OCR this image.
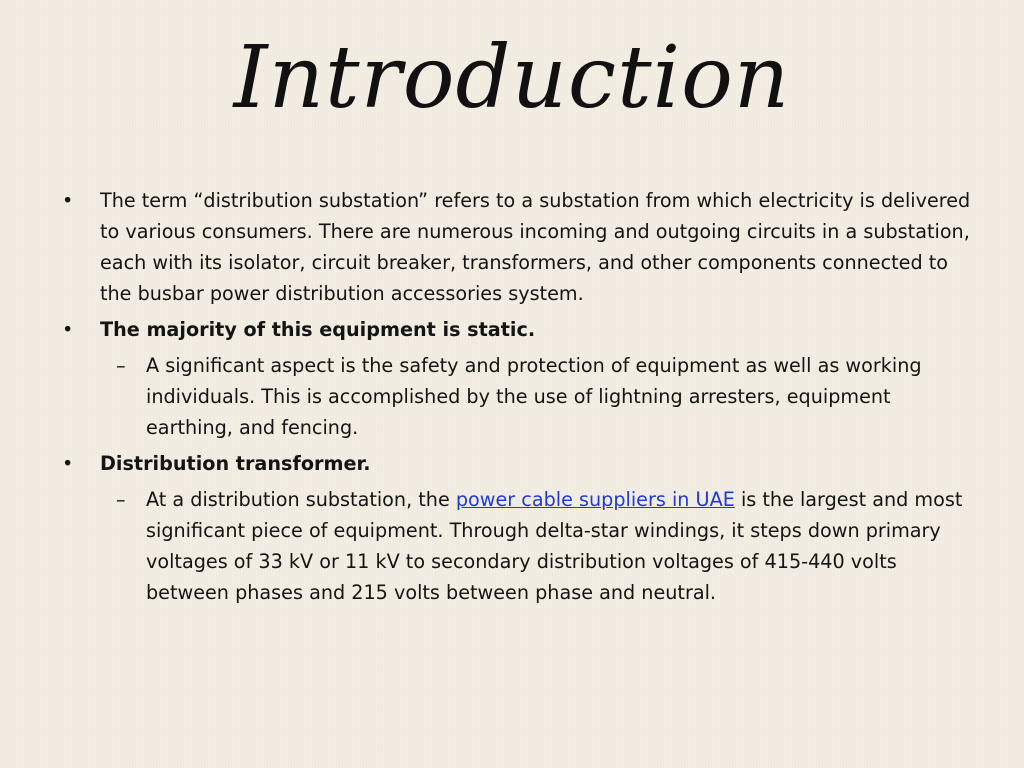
Introduction
• The term “distribution substation” refers to a substation from which electricity is delivered to various consumers. There are numerous incoming and outgoing circuits in a substation, each with its isolator, circuit breaker, transformers, and other components connected to the busbar power distribution accessories system.
• The majority of this equipment is static.
– A significant aspect is the safety and protection of equipment as well as working individuals. This is accomplished by the use of lightning arresters, equipment earthing, and fencing.
• Distribution transformer.
– At a distribution substation, the power cable suppliers in UAE is the largest and most significant piece of equipment. Through delta-star windings, it steps down primary voltages of 33 kV or 11 kV to secondary distribution voltages of 415-440 volts between phases and 215 volts between phase and neutral.
